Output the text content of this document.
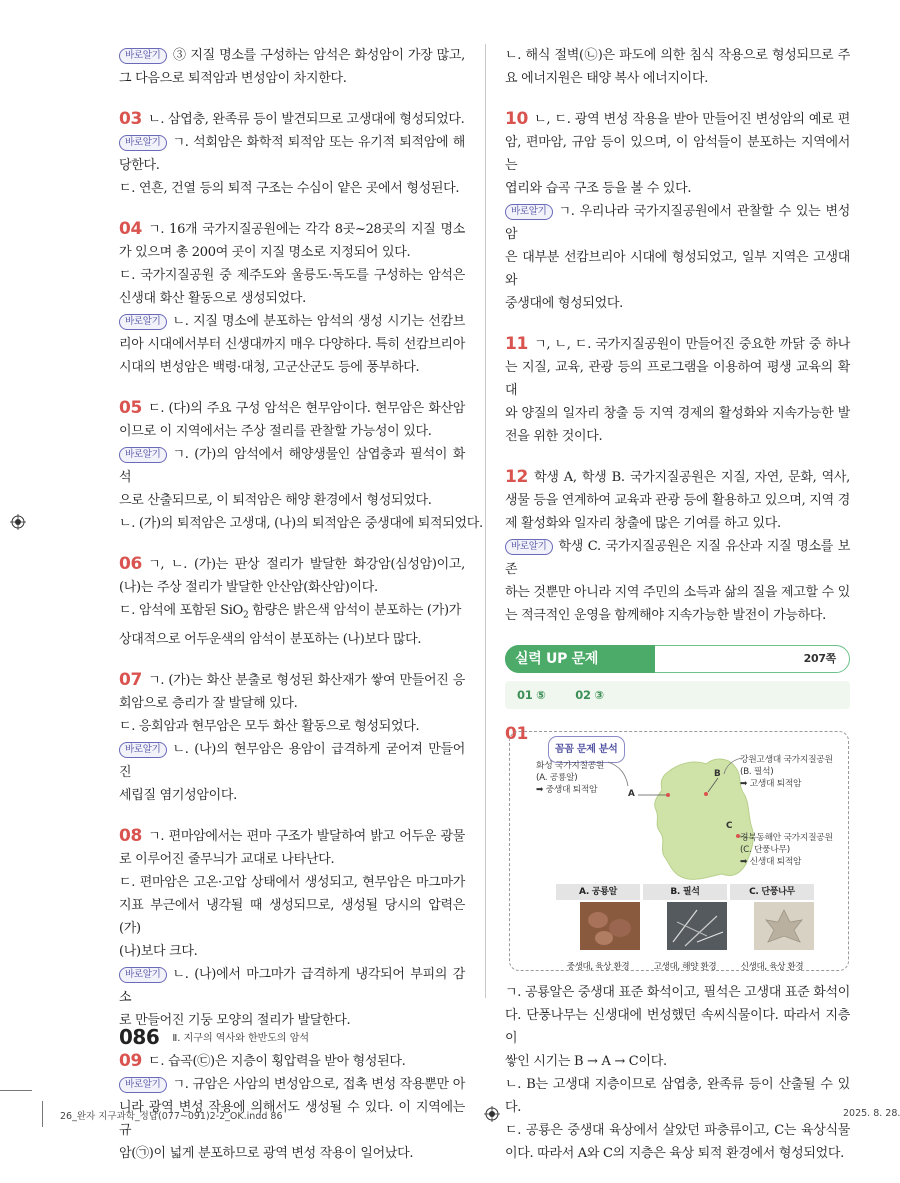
바로알기 ③ 지질 명소를 구성하는 암석은 화성암이 가장 많고,
그 다음으로 퇴적암과 변성암이 차지한다.
03 ㄴ. 삼엽충, 완족류 등이 발견되므로 고생대에 형성되었다.
바로알기 ㄱ. 석회암은 화학적 퇴적암 또는 유기적 퇴적암에 해
당한다.
ㄷ. 연흔, 건열 등의 퇴적 구조는 수심이 얕은 곳에서 형성된다.
04 ㄱ. 16개 국가지질공원에는 각각 8곳~28곳의 지질 명소
가 있으며 총 200여 곳이 지질 명소로 지정되어 있다.
ㄷ. 국가지질공원 중 제주도와 울릉도·독도를 구성하는 암석은
신생대 화산 활동으로 생성되었다.
바로알기 ㄴ. 지질 명소에 분포하는 암석의 생성 시기는 선캄브
리아 시대에서부터 신생대까지 매우 다양하다. 특히 선캄브리아
시대의 변성암은 백령·대청, 고군산군도 등에 풍부하다.
05 ㄷ. (다)의 주요 구성 암석은 현무암이다. 현무암은 화산암
이므로 이 지역에서는 주상 절리를 관찰할 가능성이 있다.
바로알기 ㄱ. (가)의 암석에서 해양생물인 삼엽충과 필석이 화석
으로 산출되므로, 이 퇴적암은 해양 환경에서 형성되었다.
ㄴ. (가)의 퇴적암은 고생대, (나)의 퇴적암은 중생대에 퇴적되었다.
06 ㄱ, ㄴ. (가)는 판상 절리가 발달한 화강암(심성암)이고,
(나)는 주상 절리가 발달한 안산암(화산암)이다.
ㄷ. 암석에 포함된 SiO$_2$ 함량은 밝은색 암석이 분포하는 (가)가
상대적으로 어두운색의 암석이 분포하는 (나)보다 많다.
07 ㄱ. (가)는 화산 분출로 형성된 화산재가 쌓여 만들어진 응
회암으로 층리가 잘 발달해 있다.
ㄷ. 응회암과 현무암은 모두 화산 활동으로 형성되었다.
바로알기 ㄴ. (나)의 현무암은 용암이 급격하게 굳어져 만들어진
세립질 염기성암이다.
08 ㄱ. 편마암에서는 편마 구조가 발달하여 밝고 어두운 광물
로 이루어진 줄무늬가 교대로 나타난다.
ㄷ. 편마암은 고온·고압 상태에서 생성되고, 현무암은 마그마가
지표 부근에서 냉각될 때 생성되므로, 생성될 당시의 압력은 (가)
(나)보다 크다.
바로알기 ㄴ. (나)에서 마그마가 급격하게 냉각되어 부피의 감소
로 만들어진 기둥 모양의 절리가 발달한다.
09 ㄷ. 습곡(㉢)은 지층이 횡압력을 받아 형성된다.
바로알기 ㄱ. 규암은 사암의 변성암으로, 접촉 변성 작용뿐만 아
니라 광역 변성 작용에 의해서도 생성될 수 있다. 이 지역에는 규
암(㉠)이 넓게 분포하므로 광역 변성 작용이 일어났다.
ㄴ. 해식 절벽(㉡)은 파도에 의한 침식 작용으로 형성되므로 주
요 에너지원은 태양 복사 에너지이다.
10 ㄴ, ㄷ. 광역 변성 작용을 받아 만들어진 변성암의 예로 편
암, 편마암, 규암 등이 있으며, 이 암석들이 분포하는 지역에서는
엽리와 습곡 구조 등을 볼 수 있다.
바로알기 ㄱ. 우리나라 국가지질공원에서 관찰할 수 있는 변성암
은 대부분 선캄브리아 시대에 형성되었고, 일부 지역은 고생대와
중생대에 형성되었다.
11 ㄱ, ㄴ, ㄷ. 국가지질공원이 만들어진 중요한 까닭 중 하나
는 지질, 교육, 관광 등의 프로그램을 이용하여 평생 교육의 확대
와 양질의 일자리 창출 등 지역 경제의 활성화와 지속가능한 발
전을 위한 것이다.
12 학생 A, 학생 B. 국가지질공원은 지질, 자연, 문화, 역사,
생물 등을 연계하여 교육과 관광 등에 활용하고 있으며, 지역 경
제 활성화와 일자리 창출에 많은 기여를 하고 있다.
바로알기 학생 C. 국가지질공원은 지질 유산과 지질 명소를 보존
하는 것뿐만 아니라 지역 주민의 소득과 삶의 질을 제고할 수 있
는 적극적인 운영을 함께해야 지속가능한 발전이 가능하다.
실력 UP 문제	207쪽
01 ⑤	02 ③
01
꼼꼼 문제 분석
화성 국가지질공원
(A. 공룡알)
➡ 중생대 퇴적암
강원고생대 국가지질공원
(B. 필석)
➡ 고생대 퇴적암
경북동해안 국가지질공원
(C. 단풍나무)
➡ 신생대 퇴적암
A
B
C
A. 공룡알	B. 필석	C. 단풍나무
중생대, 육상 환경	고생대, 해양 환경	신생대, 육상 환경
ㄱ. 공룡알은 중생대 표준 화석이고, 필석은 고생대 표준 화석이
다. 단풍나무는 신생대에 번성했던 속씨식물이다. 따라서 지층이
쌓인 시기는 B → A → C이다.
ㄴ. B는 고생대 지층이므로 삼엽충, 완족류 등이 산출될 수 있다.
ㄷ. 공룡은 중생대 육상에서 살았던 파충류이고, C는 육상식물
이다. 따라서 A와 C의 지층은 육상 퇴적 환경에서 형성되었다.
086 Ⅱ. 지구의 역사와 한반도의 암석
26_완자 지구과학_정답(077~091)2-2_OK.indd 86	2025. 8. 28.
